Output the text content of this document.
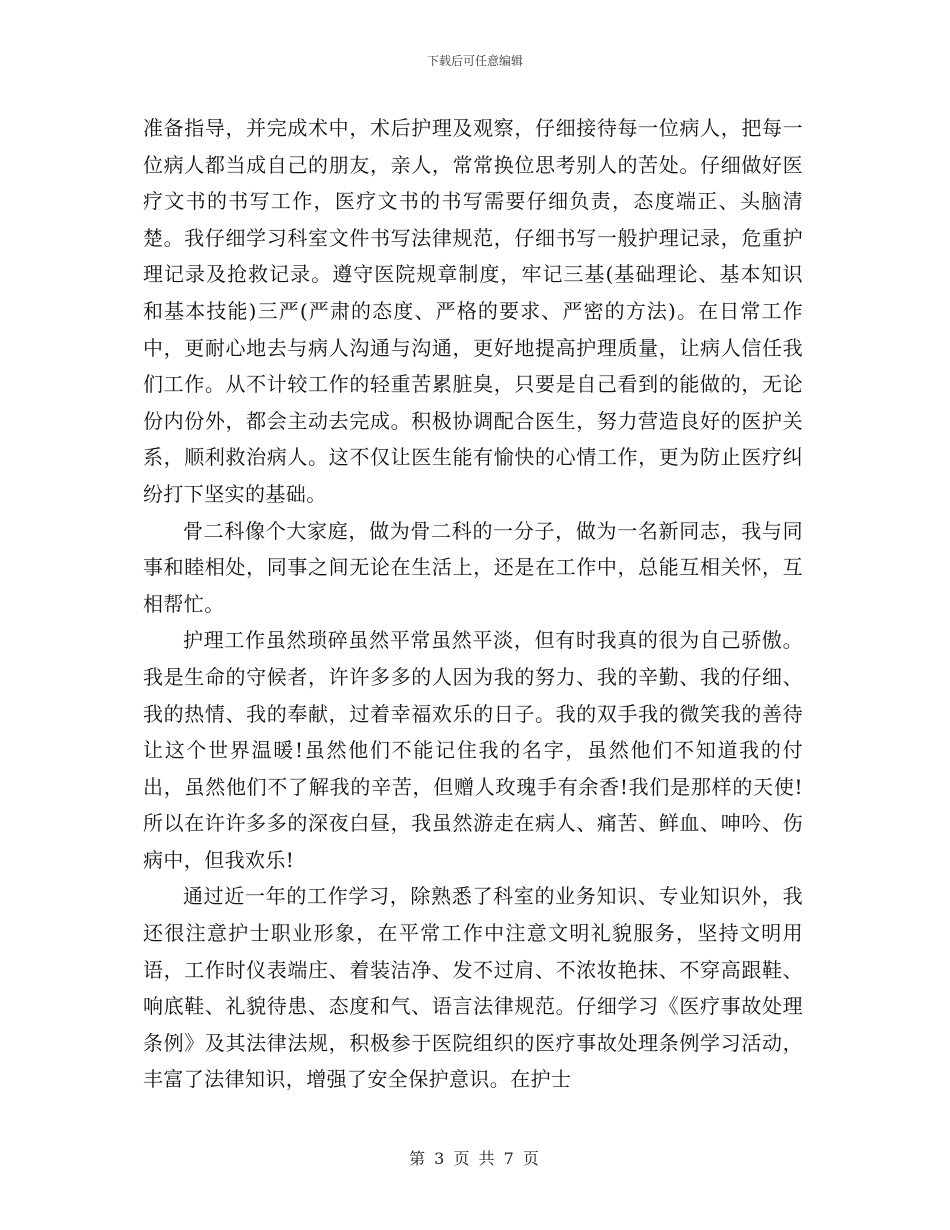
下载后可任意编辑

准备指导，并完成术中，术后护理及观察，仔细接待每一位病人，把每一位病人都当成自己的朋友，亲人，常常换位思考别人的苦处。仔细做好医疗文书的书写工作，医疗文书的书写需要仔细负责，态度端正、头脑清楚。我仔细学习科室文件书写法律规范，仔细书写一般护理记录，危重护理记录及抢救记录。遵守医院规章制度，牢记三基(基础理论、基本知识和基本技能)三严(严肃的态度、严格的要求、严密的方法)。在日常工作中，更耐心地去与病人沟通与沟通，更好地提高护理质量，让病人信任我们工作。从不计较工作的轻重苦累脏臭，只要是自己看到的能做的，无论份内份外，都会主动去完成。积极协调配合医生，努力营造良好的医护关系，顺利救治病人。这不仅让医生能有愉快的心情工作，更为防止医疗纠纷打下坚实的基础。

骨二科像个大家庭，做为骨二科的一分子，做为一名新同志，我与同事和睦相处，同事之间无论在生活上，还是在工作中，总能互相关怀，互相帮忙。

护理工作虽然琐碎虽然平常虽然平淡，但有时我真的很为自己骄傲。我是生命的守候者，许许多多的人因为我的努力、我的辛勤、我的仔细、我的热情、我的奉献，过着幸福欢乐的日子。我的双手我的微笑我的善待让这个世界温暖!虽然他们不能记住我的名字，虽然他们不知道我的付出，虽然他们不了解我的辛苦，但赠人玫瑰手有余香!我们是那样的天使!所以在许许多多的深夜白昼，我虽然游走在病人、痛苦、鲜血、呻吟、伤病中，但我欢乐!

通过近一年的工作学习，除熟悉了科室的业务知识、专业知识外，我还很注意护士职业形象，在平常工作中注意文明礼貌服务，坚持文明用语，工作时仪表端庄、着装洁净、发不过肩、不浓妆艳抹、不穿高跟鞋、响底鞋、礼貌待患、态度和气、语言法律规范。仔细学习《医疗事故处理条例》及其法律法规，积极参于医院组织的医疗事故处理条例学习活动，丰富了法律知识，增强了安全保护意识。在护士

第 3 页 共 7 页
